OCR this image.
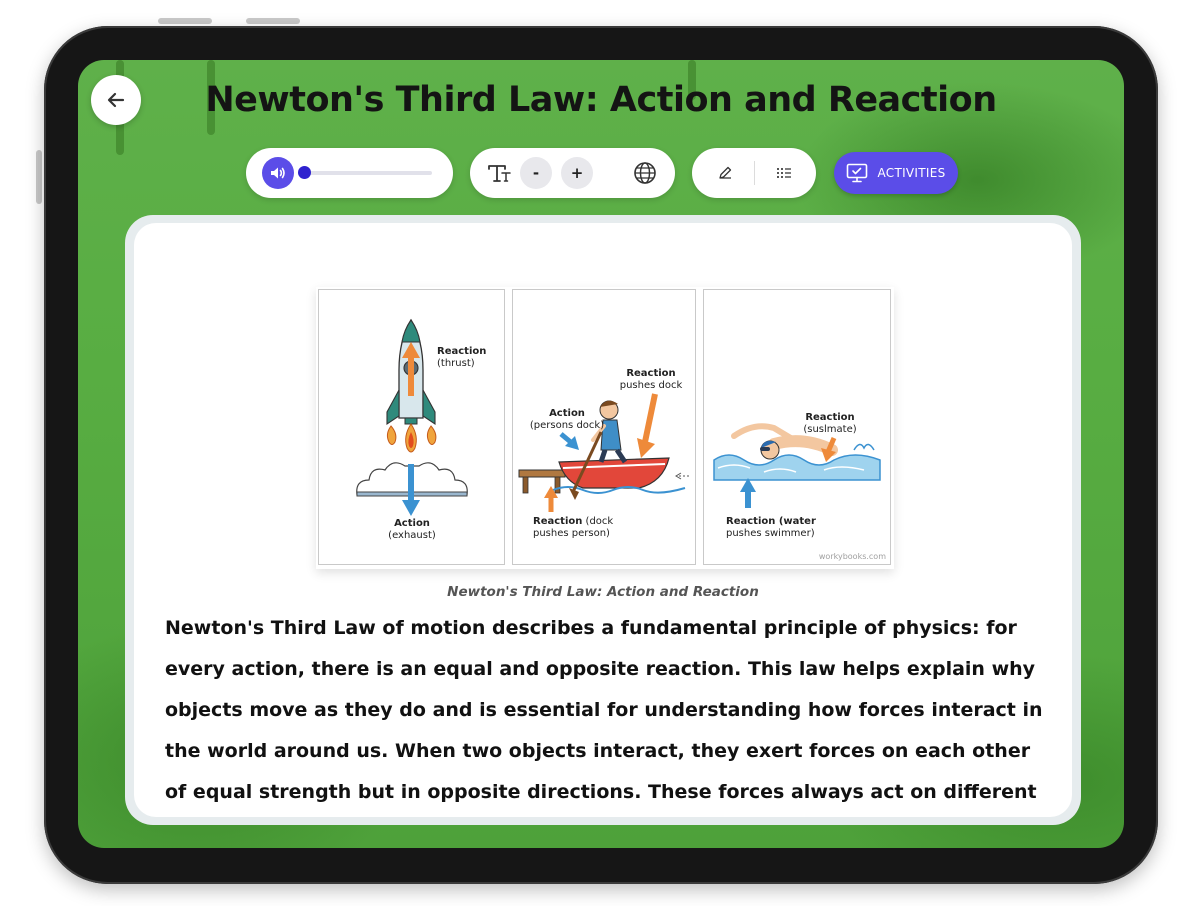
Newton's Third Law: Action and Reaction
-	+	ACTIVITIES
Reaction
(thrust)
Action
(exhaust)
Reaction
pushes dock
Action
(persons dock)
Reaction (dock
pushes person)
Reaction
(suslmate)
Reaction (water
pushes swimmer)
workybooks.com
Newton's Third Law: Action and Reaction
Newton's Third Law of motion describes a fundamental principle of physics: for every action, there is an equal and opposite reaction. This law helps explain why objects move as they do and is essential for understanding how forces interact in the world around us. When two objects interact, they exert forces on each other of equal strength but in opposite directions. These forces always act on different
